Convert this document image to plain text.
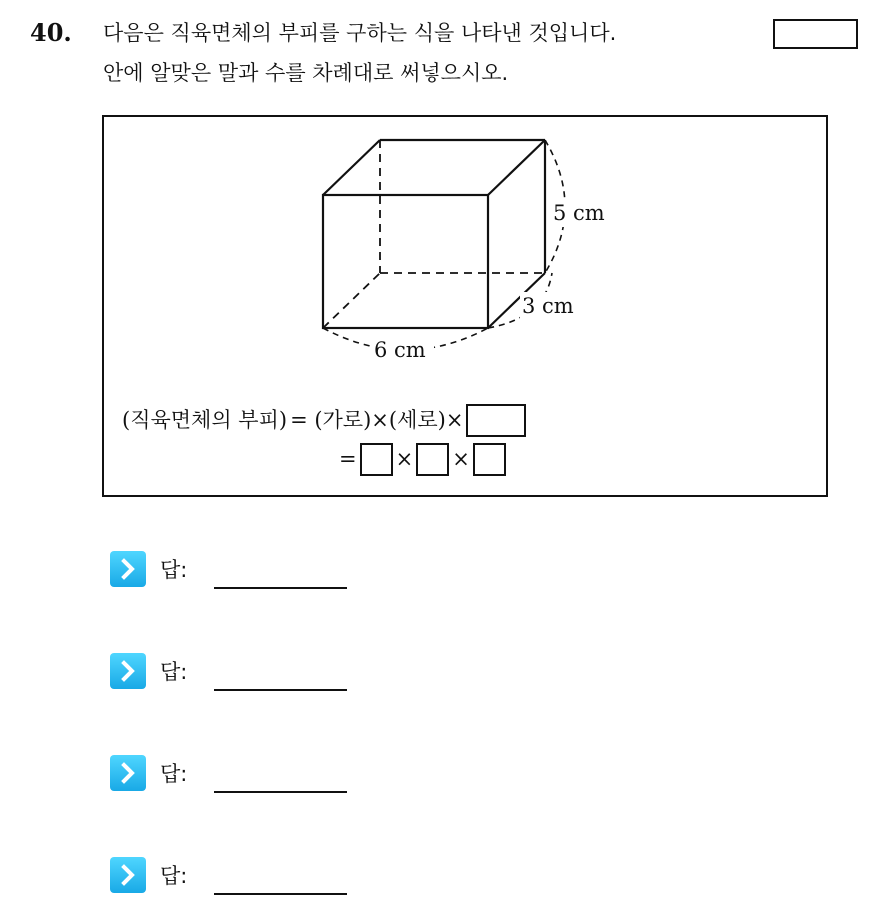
40. 다음은 직육면체의 부피를 구하는 식을 나타낸 것입니다.
안에 알맞은 말과 수를 차례대로 써넣으시오.
5 cm
3 cm
6 cm
(직육면체의 부피) = (가로)×(세로)×
= × ×
답:
답:
답:
답:
